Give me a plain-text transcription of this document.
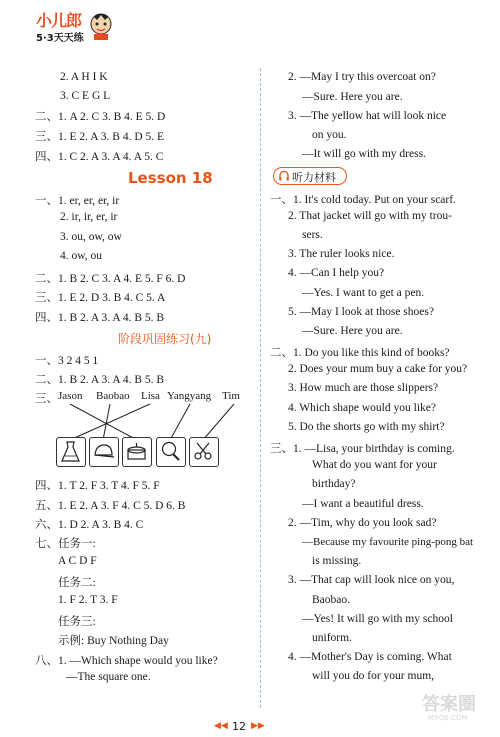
小儿郎
5·3天天练
2. A H I K
3. C E G L
二、1. A 2. C 3. B 4. E 5. D
三、1. E 2. A 3. B 4. D 5. E
四、1. C 2. A 3. A 4. A 5. C
Lesson 18
一、1. er, er, er, ir
2. ir, ir, er, ir
3. ou, ow, ow
4. ow, ou
二、1. B 2. C 3. A 4. E 5. F 6. D
三、1. E 2. D 3. B 4. C 5. A
四、1. B 2. A 3. A 4. B 5. B
阶段巩固练习(九)
一、3 2 4 5 1
二、1. B 2. A 3. A 4. B 5. B
三、 Jason Baobao Lisa Yangyang Tim
四、1. T 2. F 3. T 4. F 5. F
五、1. E 2. A 3. F 4. C 5. D 6. B
六、1. D 2. A 3. B 4. C
七、任务一:
A C D F
任务二:
1. F 2. T 3. F
任务三:
示例: Buy Nothing Day
八、1. —Which shape would you like?
—The square one.
2. —May I try this overcoat on?
—Sure. Here you are.
3. —The yellow hat will look nice
on you.
—It will go with my dress.
听力材料
一、1. It's cold today. Put on your scarf.
2. That jacket will go with my trou-
sers.
3. The ruler looks nice.
4. —Can I help you?
—Yes. I want to get a pen.
5. —May I look at those shoes?
—Sure. Here you are.
二、1. Do you like this kind of books?
2. Does your mum buy a cake for you?
3. How much are those slippers?
4. Which shape would you like?
5. Do the shorts go with my shirt?
三、1. —Lisa, your birthday is coming.
What do you want for your
birthday?
—I want a beautiful dress.
2. —Tim, why do you look sad?
—Because my favourite ping-pong bat
is missing.
3. —That cap will look nice on you,
Baobao.
—Yes! It will go with my school
uniform.
4. —Mother's Day is coming. What
will you do for your mum,
◀◀ 12 ▶▶
答案圈
MXQE.COM
